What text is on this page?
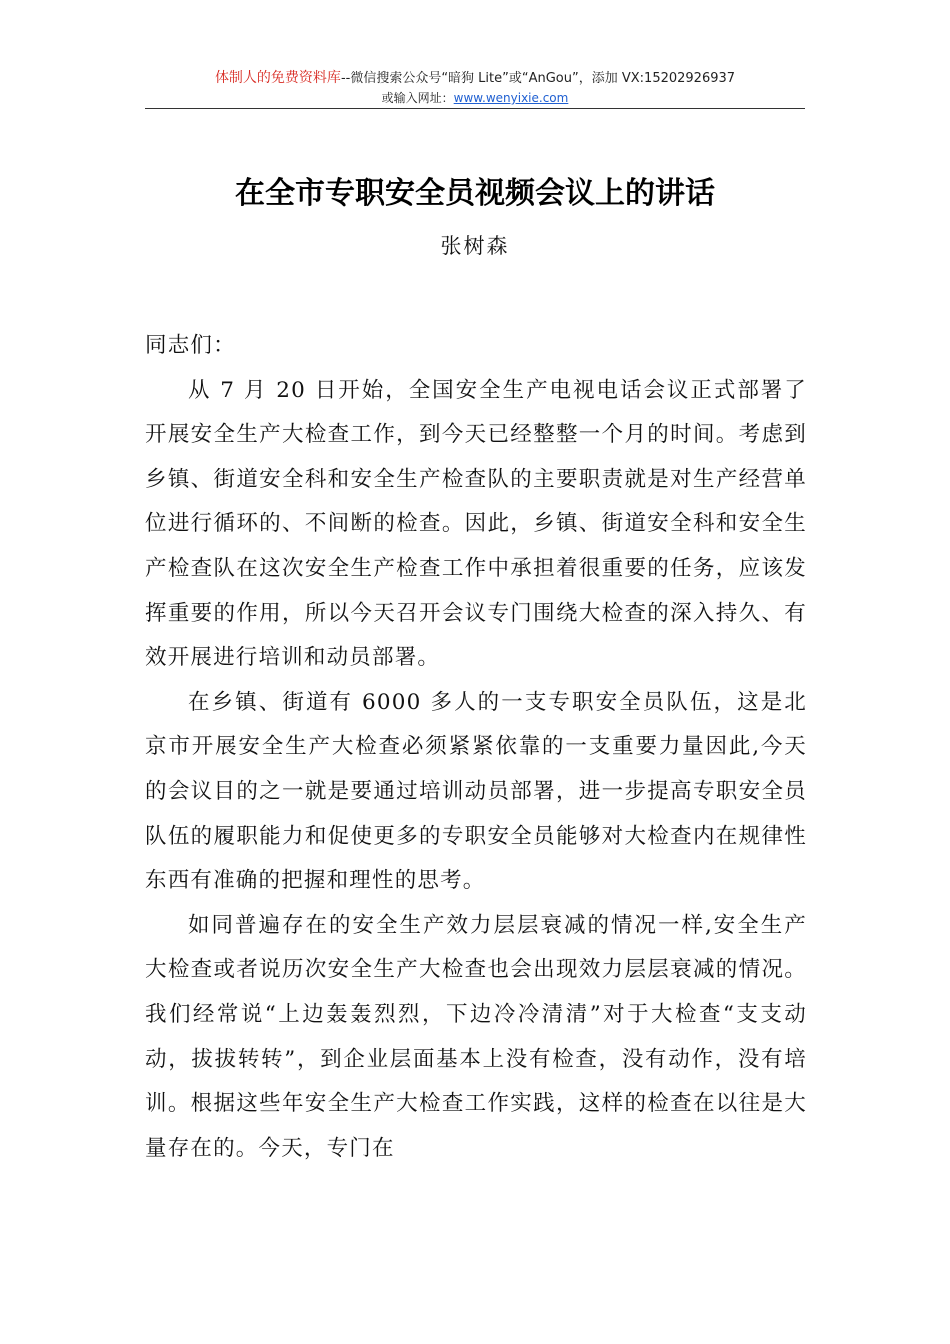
体制人的免费资料库--微信搜索公众号“暗狗 Lite”或“AnGou”，添加 VX:15202926937
或输入网址：www.wenyixie.com
在全市专职安全员视频会议上的讲话
张树森

同志们：

从 7 月 20 日开始，全国安全生产电视电话会议正式部署了开展安全生产大检查工作，到今天已经整整一个月的时间。考虑到乡镇、街道安全科和安全生产检查队的主要职责就是对生产经营单位进行循环的、不间断的检查。因此，乡镇、街道安全科和安全生产检查队在这次安全生产检查工作中承担着很重要的任务，应该发挥重要的作用，所以今天召开会议专门围绕大检查的深入持久、有效开展进行培训和动员部署。

在乡镇、街道有 6000 多人的一支专职安全员队伍，这是北京市开展安全生产大检查必须紧紧依靠的一支重要力量因此,今天的会议目的之一就是要通过培训动员部署，进一步提高专职安全员队伍的履职能力和促使更多的专职安全员能够对大检查内在规律性东西有准确的把握和理性的思考。

如同普遍存在的安全生产效力层层衰减的情况一样,安全生产大检查或者说历次安全生产大检查也会出现效力层层衰减的情况。我们经常说“上边轰轰烈烈，下边冷冷清清”对于大检查“支支动动，拔拔转转”，到企业层面基本上没有检查，没有动作，没有培训。根据这些年安全生产大检查工作实践，这样的检查在以往是大量存在的。今天，专门在
